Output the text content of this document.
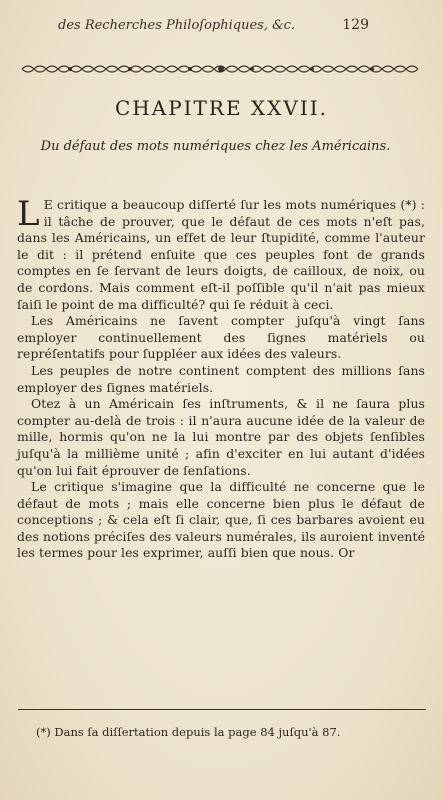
des Recherches Philoſophiques, &c.	129
CHAPITRE XXVII.
Du défaut des mots numériques chez les Américains.

LE critique a beaucoup diſſerté ſur les mots numériques (*) : il tâche de prouver, que le défaut de ces mots n'eſt pas, dans les Américains, un effet de leur ſtupidité, comme l'auteur le dit : il prétend enſuite que ces peuples font de grands comptes en ſe ſervant de leurs doigts, de cailloux, de noix, ou de cordons. Mais comment eſt-il poſſible qu'il n'ait pas mieux ſaiſi le point de ma difficulté? qui ſe réduit à ceci.

Les Américains ne ſavent compter juſqu'à vingt ſans employer continuellement des ſignes matériels ou repréſentatifs pour ſuppléer aux idées des valeurs.

Les peuples de notre continent comptent des millions ſans employer des ſignes matériels.

Otez à un Américain ſes inſtruments, & il ne ſaura plus compter au-delà de trois : il n'aura aucune idée de la valeur de mille, hormis qu'on ne la lui montre par des objets ſenſibles juſqu'à la millième unité ; afin d'exciter en lui autant d'idées qu'on lui fait éprouver de ſenſations.

Le critique s'imagine que la difficulté ne concerne que le défaut de mots ; mais elle concerne bien plus le défaut de conceptions ; & cela eſt ſi clair, que, ſi ces barbares avoient eu des notions préciſes des valeurs numérales, ils auroient inventé les termes pour les exprimer, auſſi bien que nous. Or

(*) Dans ſa diſſertation depuis la page 84 juſqu'à 87.
